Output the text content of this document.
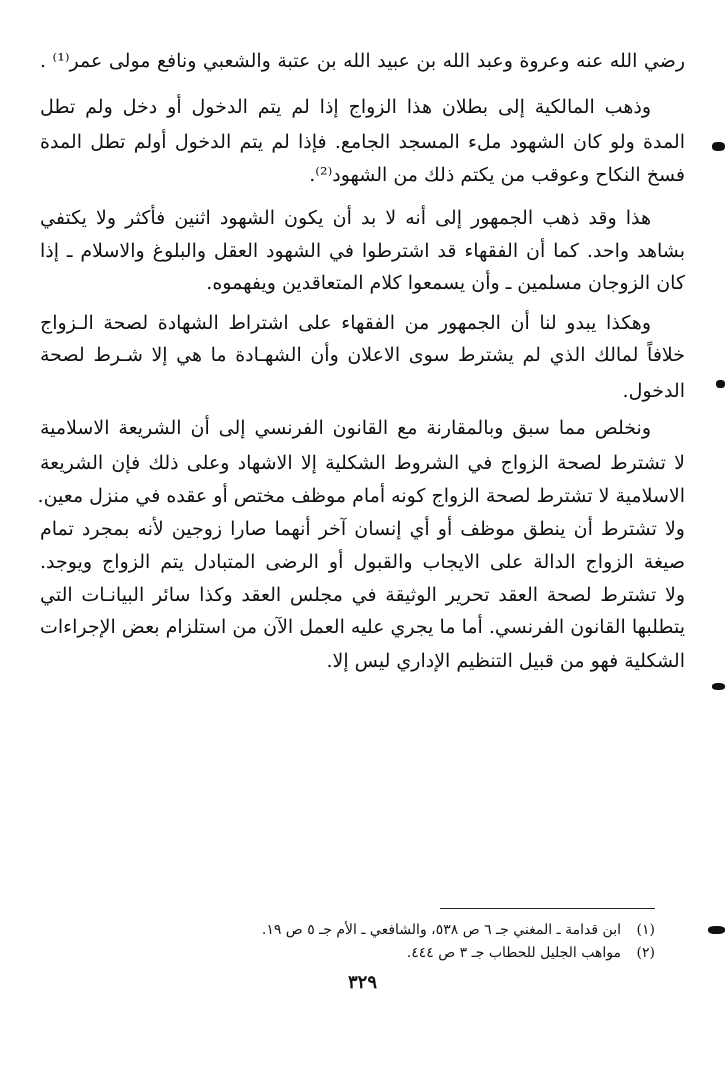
رضي الله عنه وعروة وعبد الله بن عبيد الله بن عتبة والشعبي ونافع مولى عمر⁽¹⁾ .
وذهب المالكية إلى بطلان هذا الزواج إذا لم يتم الدخول أو دخل ولم تطل
المدة ولو كان الشهود ملء المسجد الجامع. فإذا لم يتم الدخول أولم تطل المدة
فسخ النكاح وعوقب من يكتم ذلك من الشهود⁽²⁾.
هذا وقد ذهب الجمهور إلى أنه لا بد أن يكون الشهود اثنين فأكثر ولا يكتفي
بشاهد واحد. كما أن الفقهاء قد اشترطوا في الشهود العقل والبلوغ والاسلام ـ إذا
كان الزوجان مسلمين ـ وأن يسمعوا كلام المتعاقدين ويفهموه.
وهكذا يبدو لنا أن الجمهور من الفقهاء على اشتراط الشهادة لصحة الـزواج
خلافاً لمالك الذي لم يشترط سوى الاعلان وأن الشهـادة ما هي إلا شـرط لصحة
الدخول.
ونخلص مما سبق وبالمقارنة مع القانون الفرنسي إلى أن الشريعة الاسلامية
لا تشترط لصحة الزواج في الشروط الشكلية إلا الاشهاد وعلى ذلك فإن الشريعة
الاسلامية لا تشترط لصحة الزواج كونه أمام موظف مختص أو عقده في منزل معين.
ولا تشترط أن ينطق موظف أو أي إنسان آخر أنهما صارا زوجين لأنه بمجرد تمام
صيغة الزواج الدالة على الايجاب والقبول أو الرضى المتبادل يتم الزواج ويوجد.
ولا تشترط لصحة العقد تحرير الوثيقة في مجلس العقد وكذا سائر البيانـات التي
يتطلبها القانون الفرنسي. أما ما يجري عليه العمل الآن من استلزام بعض الإجراءات
الشكلية فهو من قبيل التنظيم الإداري ليس إلا.
(١)ابن قدامة ـ المغني جـ ٦ ص ٥٣٨، والشافعي ـ الأم جـ ٥ ص ١٩.
(٢)مواهب الجليل للحطاب جـ ٣ ص ٤٤٤.
٣٢٩
